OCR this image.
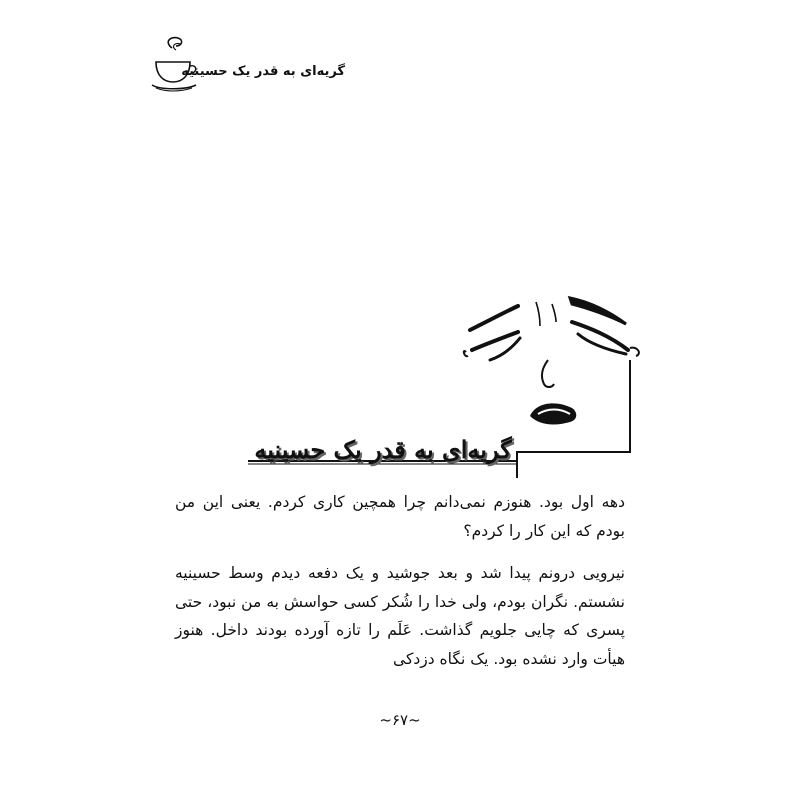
گریه‌ای به قدر یک حسینیه
گریه‌ای به قدر یک حسینیه

دهه اول بود. هنوزم نمی‌دانم چرا همچین کاری کردم. یعنی این من بودم که این کار را کردم؟

نیرویی درونم پیدا شد و بعد جوشید و یک دفعه دیدم وسط حسینیه نشستم. نگران بودم، ولی خدا را شُکر کسی حواسش به من نبود، حتی پسری که چایی جلویم گذاشت. عَلَم را تازه آورده بودند داخل. هنوز هیأت وارد نشده بود. یک نگاه دزدکی

~۶۷~
